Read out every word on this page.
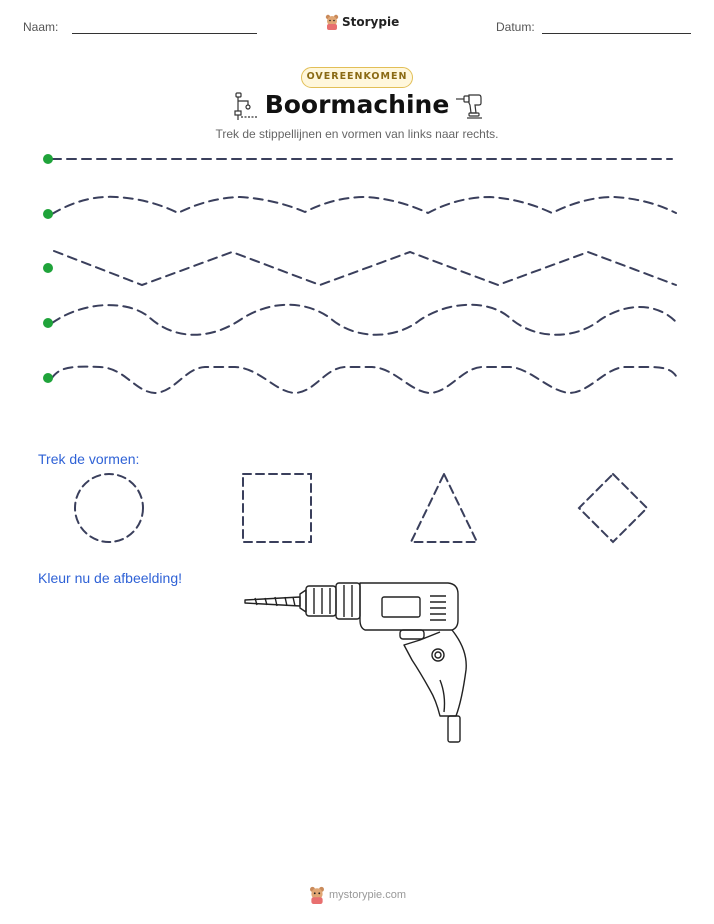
Naam:	Storypie	Datum:
OVEREENKOMEN
Boormachine
Trek de stippellijnen en vormen van links naar rechts.
Trek de vormen:
Kleur nu de afbeelding!
mystorypie.com
